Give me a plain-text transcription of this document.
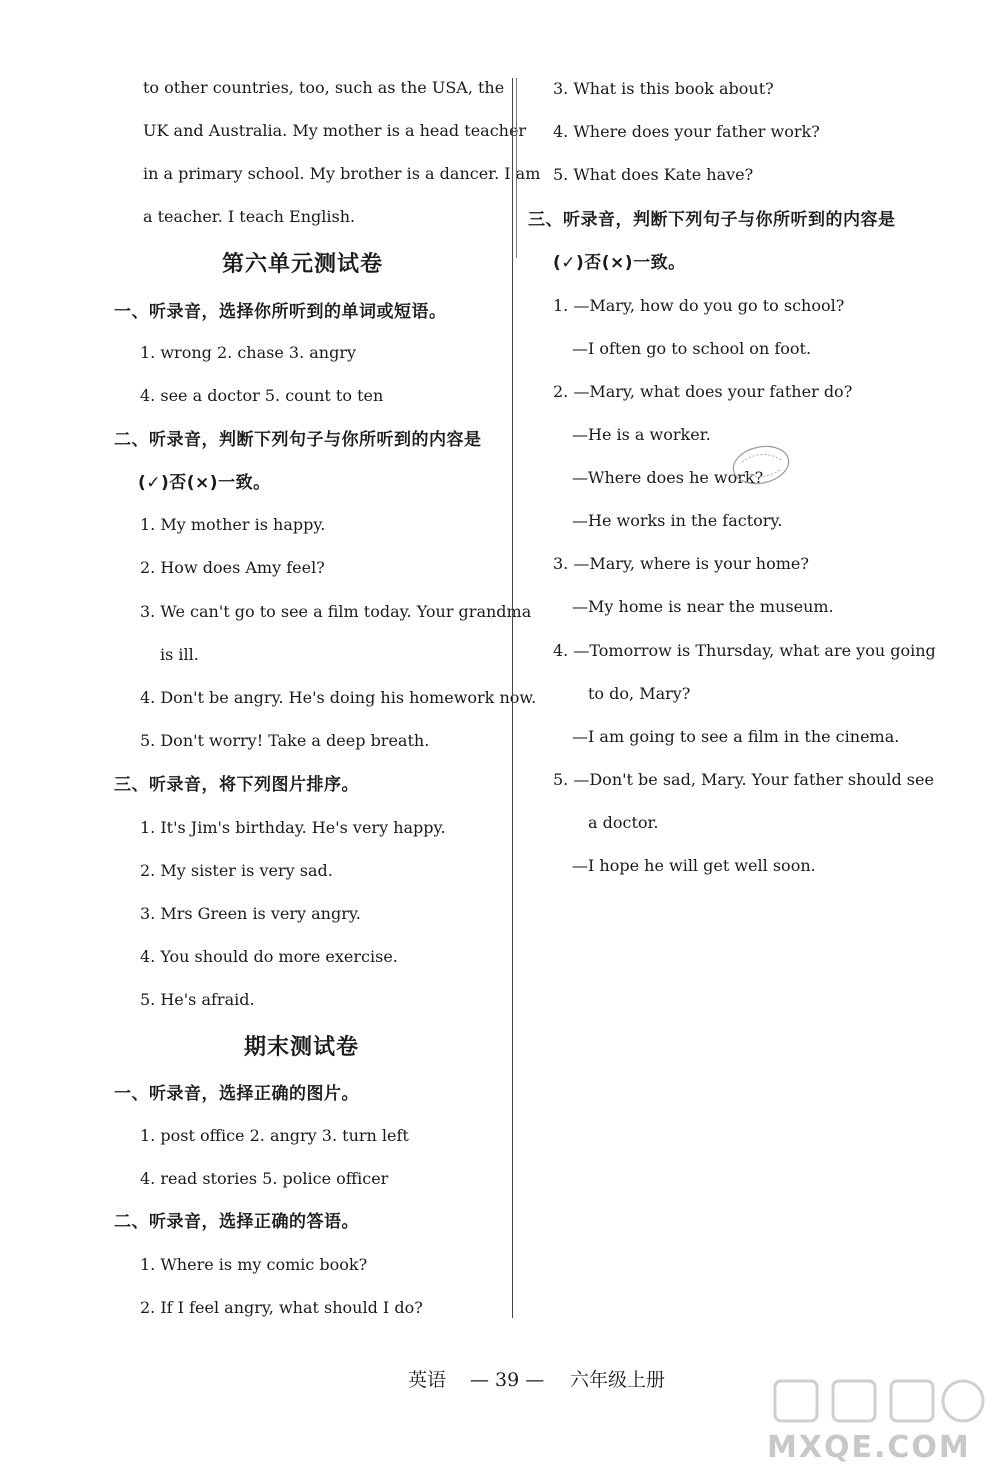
to other countries, too, such as the USA, the
UK and Australia. My mother is a head teacher
in a primary school. My brother is a dancer. I am
a teacher. I teach English.
第六单元测试卷
一、听录音，选择你所听到的单词或短语。
1. wrong 2. chase 3. angry
4. see a doctor 5. count to ten
二、听录音，判断下列句子与你所听到的内容是
(✓)否(×)一致。
1. My mother is happy.
2. How does Amy feel?
3. We can't go to see a film today. Your grandma
is ill.
4. Don't be angry. He's doing his homework now.
5. Don't worry! Take a deep breath.
三、听录音，将下列图片排序。
1. It's Jim's birthday. He's very happy.
2. My sister is very sad.
3. Mrs Green is very angry.
4. You should do more exercise.
5. He's afraid.
期末测试卷
一、听录音，选择正确的图片。
1. post office 2. angry 3. turn left
4. read stories 5. police officer
二、听录音，选择正确的答语。
1. Where is my comic book?
2. If I feel angry, what should I do?
3. What is this book about?
4. Where does your father work?
5. What does Kate have?
三、听录音，判断下列句子与你所听到的内容是
(✓)否(×)一致。
1. —Mary, how do you go to school?
—I often go to school on foot.
2. —Mary, what does your father do?
—He is a worker.
—Where does he work?
—He works in the factory.
3. —Mary, where is your home?
—My home is near the museum.
4. —Tomorrow is Thursday, what are you going
to do, Mary?
—I am going to see a film in the cinema.
5. —Don't be sad, Mary. Your father should see
a doctor.
—I hope he will get well soon.
英语 — 39 — 六年级上册
MXQE.COM
